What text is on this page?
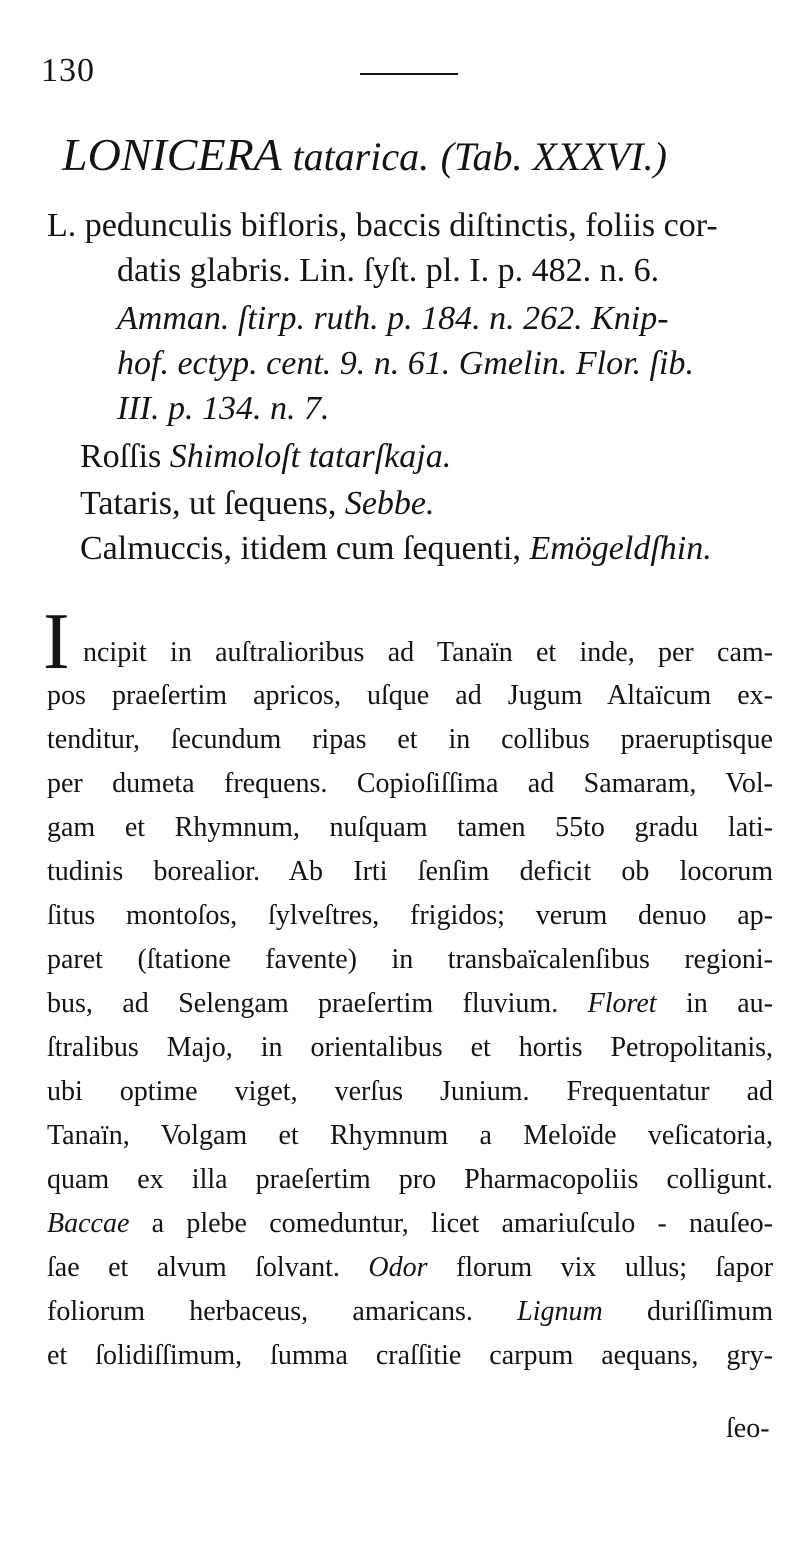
130
LONICERA tatarica. (Tab. XXXVI.)
L. pedunculis bifloris, baccis diſtinctis, foliis cor-
datis glabris. Lin. ſyſt. pl. I. p. 482. n. 6.
Amman. ſtirp. ruth. p. 184. n. 262. Knip-
hof. ectyp. cent. 9. n. 61. Gmelin. Flor. ſib.
III. p. 134. n. 7.
Roſſis Shimoloſt tatarſkaja.
Tataris, ut ſequens, Sebbe.
Calmuccis, itidem cum ſequenti, Emögeldſhin.
I ncipit in auſtralioribus ad Tanaïn et inde, per cam-
pos praeſertim apricos, uſque ad Jugum Altaïcum ex-
tenditur, ſecundum ripas et in collibus praeruptisque
per dumeta frequens. Copioſiſſima ad Samaram, Vol-
gam et Rhymnum, nuſquam tamen 55to gradu lati-
tudinis borealior. Ab Irti ſenſim deficit ob locorum
ſitus montoſos, ſylveſtres, frigidos; verum denuo ap-
paret (ſtatione favente) in transbaïcalenſibus regioni-
bus, ad Selengam praeſertim fluvium. Floret in au-
ſtralibus Majo, in orientalibus et hortis Petropolitanis,
ubi optime viget, verſus Junium. Frequentatur ad
Tanaïn, Volgam et Rhymnum a Meloïde veſicatoria,
quam ex illa praeſertim pro Pharmacopoliis colligunt.
Baccae a plebe comeduntur, licet amariuſculo - nauſeo-
ſae et alvum ſolvant. Odor florum vix ullus; ſapor
foliorum herbaceus, amaricans. Lignum duriſſimum
et ſolidiſſimum, ſumma craſſitie carpum aequans, gry-
ſeo-
